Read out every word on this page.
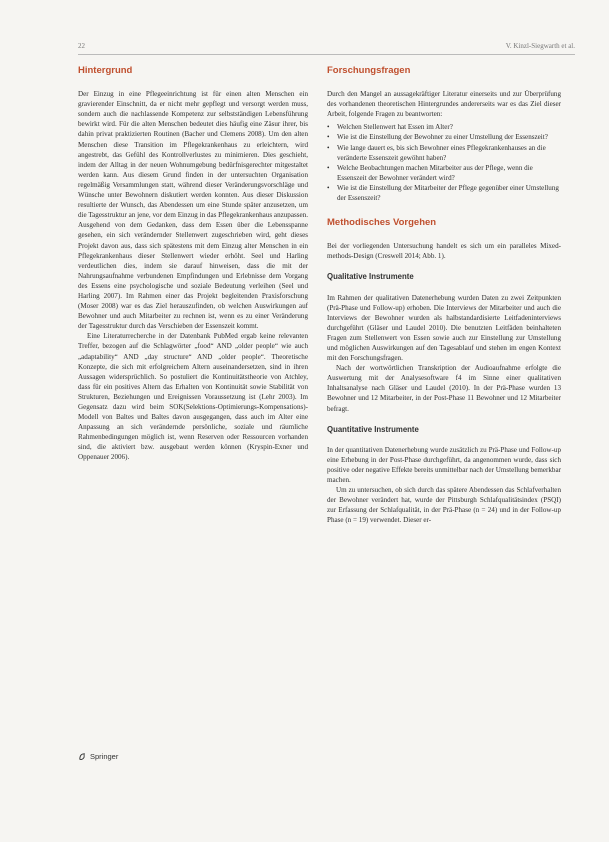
22	V. Kinzl-Siegwarth et al.
Hintergrund

Der Einzug in eine Pflegeeinrichtung ist für einen alten Menschen ein gravierender Einschnitt, da er nicht mehr gepflegt und versorgt werden muss, sondern auch die nachlassende Kompetenz zur selbstständigen Lebensführung bewirkt wird. Für die alten Menschen bedeutet dies häufig eine Zäsur ihrer, bis dahin privat praktizierten Routinen (Bacher und Clemens 2008). Um den alten Menschen diese Transition im Pflegekrankenhaus zu erleichtern, wird angestrebt, das Gefühl des Kontrollverlustes zu minimieren. Dies geschieht, indem der Alltag in der neuen Wohnumgebung bedürfnisgerechter mitgestaltet werden kann. Aus diesem Grund finden in der untersuchten Organisation regelmäßig Versammlungen statt, während dieser Veränderungsvorschläge und Wünsche unter Bewohnern diskutiert werden konnten. Aus dieser Diskussion resultierte der Wunsch, das Abendessen um eine Stunde später anzusetzen, um die Tagesstruktur an jene, vor dem Einzug in das Pflegekrankenhaus anzupassen. Ausgehend von dem Gedanken, dass dem Essen über die Lebensspanne gesehen, ein sich verändernder Stellenwert zugeschrieben wird, geht dieses Projekt davon aus, dass sich spätestens mit dem Einzug alter Menschen in ein Pflegekrankenhaus dieser Stellenwert wieder erhöht. Seel und Harling verdeutlichen dies, indem sie darauf hinweisen, dass die mit der Nahrungsaufnahme verbundenen Empfindungen und Erlebnisse dem Vorgang des Essens eine psychologische und soziale Bedeutung verleihen (Seel und Harling 2007). Im Rahmen einer das Projekt begleitenden Praxisforschung (Moser 2008) war es das Ziel herauszufinden, ob welchen Auswirkungen auf Bewohner und auch Mitarbeiter zu rechnen ist, wenn es zu einer Veränderung der Tagesstruktur durch das Verschieben der Essenszeit kommt.

Eine Literaturrecherche in der Datenbank PubMed ergab keine relevanten Treffer, bezogen auf die Schlagwörter „food“ AND „older people“ wie auch „adaptability“ AND „day structure“ AND „older people“. Theoretische Konzepte, die sich mit erfolgreichem Altern auseinandersetzen, sind in ihren Aussagen widersprüchlich. So postuliert die Kontinuitätstheorie von Atchley, dass für ein positives Altern das Erhalten von Kontinuität sowie Stabilität von Strukturen, Beziehungen und Ereignissen Voraussetzung ist (Lehr 2003). Im Gegensatz dazu wird beim SOK(Selektions-Optimierungs-Kompensations)-Modell von Baltes und Baltes davon ausgegangen, dass auch im Alter eine Anpassung an sich verändernde persönliche, soziale und räumliche Rahmenbedingungen möglich ist, wenn Reserven oder Ressourcen vorhanden sind, die aktiviert bzw. ausgebaut werden können (Kryspin-Exner und Oppenauer 2006).

Forschungsfragen

Durch den Mangel an aussagekräftiger Literatur einerseits und zur Überprüfung des vorhandenen theoretischen Hintergrundes andererseits war es das Ziel dieser Arbeit, folgende Fragen zu beantworten:

• Welchen Stellenwert hat Essen im Alter?
• Wie ist die Einstellung der Bewohner zu einer Umstellung der Essenszeit?
• Wie lange dauert es, bis sich Bewohner eines Pflegekrankenhauses an die veränderte Essenszeit gewöhnt haben?
• Welche Beobachtungen machen Mitarbeiter aus der Pflege, wenn die Essenszeit der Bewohner verändert wird?
• Wie ist die Einstellung der Mitarbeiter der Pflege gegenüber einer Umstellung der Essenszeit?
Methodisches Vorgehen

Bei der vorliegenden Untersuchung handelt es sich um ein paralleles Mixed-methods-Design (Creswell 2014; Abb. 1).

Qualitative Instrumente

Im Rahmen der qualitativen Datenerhebung wurden Daten zu zwei Zeitpunkten (Prä-Phase und Follow-up) erhoben. Die Interviews der Mitarbeiter und auch die Interviews der Bewohner wurden als halbstandardisierte Leitfadeninterviews durchgeführt (Gläser und Laudel 2010). Die benutzten Leitfäden beinhalteten Fragen zum Stellenwert von Essen sowie auch zur Einstellung zur Umstellung und möglichen Auswirkungen auf den Tagesablauf und stehen im engen Kontext mit den Forschungsfragen.

Nach der wortwörtlichen Transkription der Audioaufnahme erfolgte die Auswertung mit der Analysesoftware f4 im Sinne einer qualitativen Inhaltsanalyse nach Gläser und Laudel (2010). In der Prä-Phase wurden 13 Bewohner und 12 Mitarbeiter, in der Post-Phase 11 Bewohner und 12 Mitarbeiter befragt.

Quantitative Instrumente

In der quantitativen Datenerhebung wurde zusätzlich zu Prä-Phase und Follow-up eine Erhebung in der Post-Phase durchgeführt, da angenommen wurde, dass sich positive oder negative Effekte bereits unmittelbar nach der Umstellung bemerkbar machen.

Um zu untersuchen, ob sich durch das spätere Abendessen das Schlafverhalten der Bewohner verändert hat, wurde der Pittsburgh Schlafqualitätsindex (PSQI) zur Erfassung der Schlafqualität, in der Prä-Phase (n = 24) und in der Follow-up Phase (n = 19) verwendet. Dieser er-

Springer
